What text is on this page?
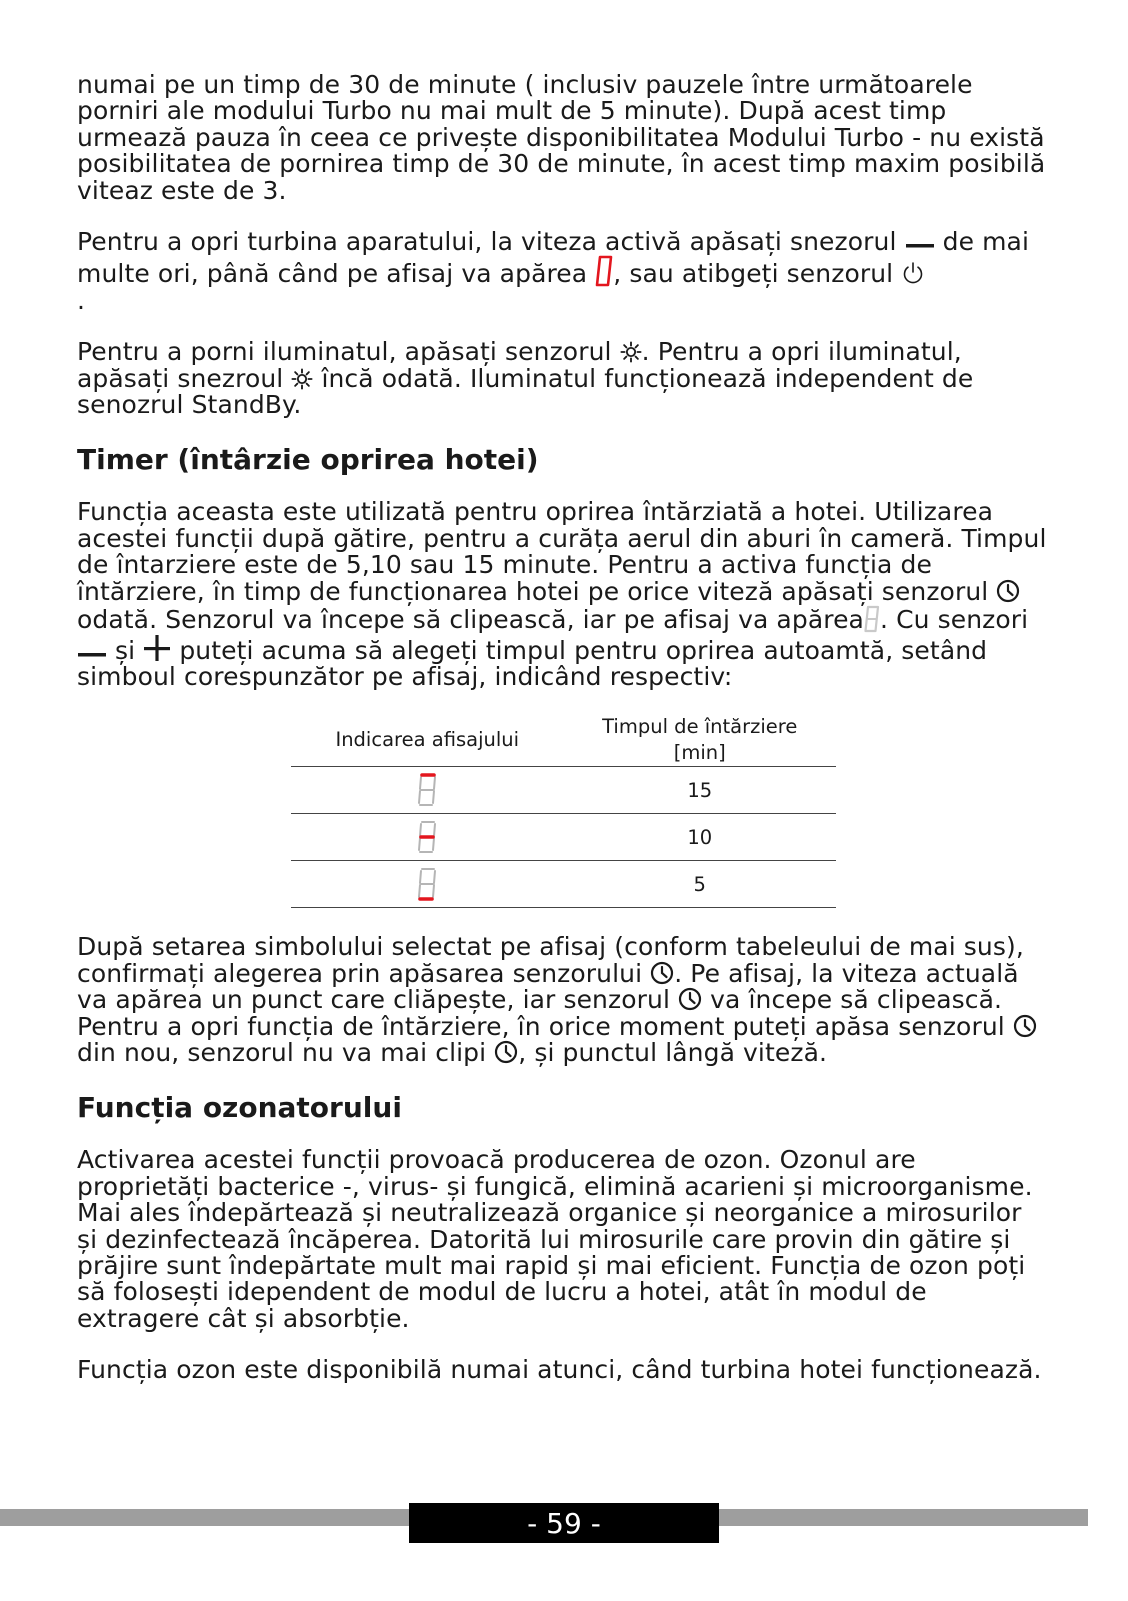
numai pe un timp de 30 de minute ( inclusiv pauzele între următoarele porniri ale modului Turbo nu mai mult de 5 minute). După acest timp urmează pauza în ceea ce privește disponibilitatea Modului Turbo - nu există posibilitatea de pornirea timp de 30 de minute, în acest timp maxim posibilă viteaz este de 3.

Pentru a opri turbina aparatului, la viteza activă apăsați snezorul de mai multe ori, până când pe afisaj va apărea , sau atibgeți senzorul
.

Pentru a porni iluminatul, apăsați senzorul . Pentru a opri iluminatul, apăsați snezroul încă odată. Iluminatul funcționează independent de senozrul StandBy.

Timer (întârzie oprirea hotei)

Funcția aceasta este utilizată pentru oprirea întărziată a hotei. Utilizarea acestei funcții după gătire, pentru a curăța aerul din aburi în cameră. Timpul de întarziere este de 5,10 sau 15 minute. Pentru a activa funcția de întărziere, în timp de funcționarea hotei pe orice viteză apăsați senzorul  odată. Senzorul va începe să clipească, iar pe afisaj va apărea . Cu senzori  și puteți acuma să alegeți timpul pentru oprirea autoamtă, setând simboul corespunzător pe afisaj, indicând respectiv:

Indicarea afisajului	Timpul de întărziere
[min]
	15
	10
	5

După setarea simbolului selectat pe afisaj (conform tabeleului de mai sus), confirmați alegerea prin apăsarea senzorului . Pe afisaj, la viteza actuală va apărea un punct care cliăpește, iar senzorul va începe să clipească. Pentru a opri funcția de întărziere, în orice moment puteți apăsa senzorul  din nou, senzorul nu va mai clipi , și punctul lângă viteză.

Funcția ozonatorului

Activarea acestei funcții provoacă producerea de ozon. Ozonul are proprietăți bacterice -, virus- și fungică, elimină acarieni și microorganisme. Mai ales îndepărtează și neutralizează organice și neorganice a mirosurilor și dezinfectează încăperea. Datorită lui mirosurile care provin din gătire și prăjire sunt îndepărtate mult mai rapid și mai eficient. Funcția de ozon poți să folosești idependent de modul de lucru a hotei, atât în modul de extragere cât și absorbție.

Funcția ozon este disponibilă numai atunci, când turbina hotei funcționează.

- 59 -
